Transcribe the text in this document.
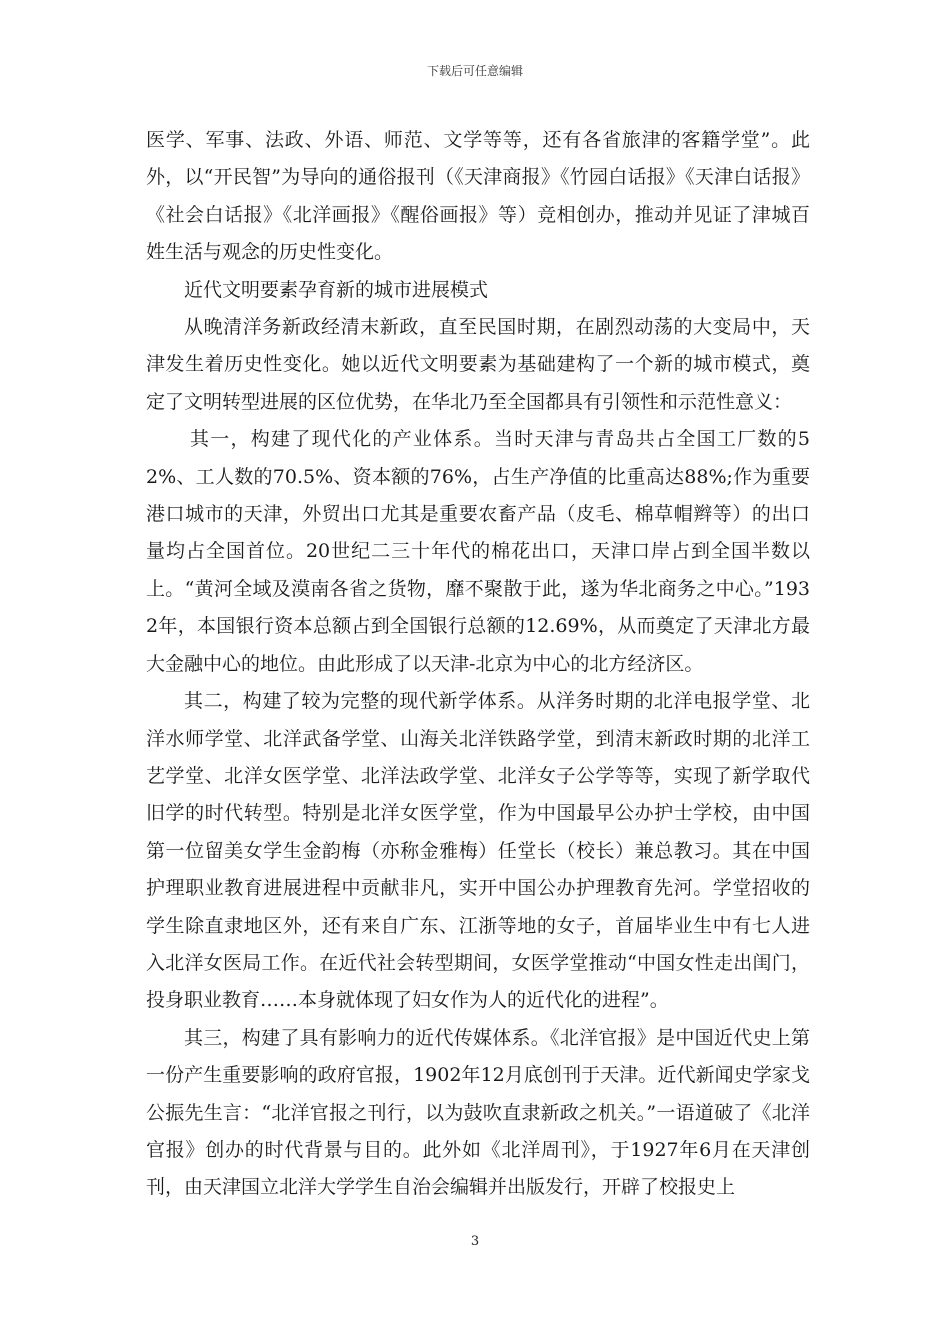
下载后可任意编辑

医学、军事、法政、外语、师范、文学等等，还有各省旅津的客籍学堂”。此外，以“开民智”为导向的通俗报刊（《天津商报》《竹园白话报》《天津白话报》《社会白话报》《北洋画报》《醒俗画报》等）竞相创办，推动并见证了津城百姓生活与观念的历史性变化。

近代文明要素孕育新的城市进展模式

从晚清洋务新政经清末新政，直至民国时期，在剧烈动荡的大变局中，天津发生着历史性变化。她以近代文明要素为基础建构了一个新的城市模式，奠定了文明转型进展的区位优势，在华北乃至全国都具有引领性和示范性意义：

其一，构建了现代化的产业体系。当时天津与青岛共占全国工厂数的52%、工人数的70.5%、资本额的76%，占生产净值的比重高达88%;作为重要港口城市的天津，外贸出口尤其是重要农畜产品（皮毛、棉草帽辫等）的出口量均占全国首位。20世纪二三十年代的棉花出口，天津口岸占到全国半数以上。“黄河全域及漠南各省之货物，靡不聚散于此，遂为华北商务之中心。”1932年，本国银行资本总额占到全国银行总额的12.69%，从而奠定了天津北方最大金融中心的地位。由此形成了以天津-北京为中心的北方经济区。

其二，构建了较为完整的现代新学体系。从洋务时期的北洋电报学堂、北洋水师学堂、北洋武备学堂、山海关北洋铁路学堂，到清末新政时期的北洋工艺学堂、北洋女医学堂、北洋法政学堂、北洋女子公学等等，实现了新学取代旧学的时代转型。特别是北洋女医学堂，作为中国最早公办护士学校，由中国第一位留美女学生金韵梅（亦称金雅梅）任堂长（校长）兼总教习。其在中国护理职业教育进展进程中贡献非凡，实开中国公办护理教育先河。学堂招收的学生除直隶地区外，还有来自广东、江浙等地的女子，首届毕业生中有七人进入北洋女医局工作。在近代社会转型期间，女医学堂推动“中国女性走出闺门，投身职业教育……本身就体现了妇女作为人的近代化的进程”。

其三，构建了具有影响力的近代传媒体系。《北洋官报》是中国近代史上第一份产生重要影响的政府官报，1902年12月底创刊于天津。近代新闻史学家戈公振先生言：“北洋官报之刊行，以为鼓吹直隶新政之机关。”一语道破了《北洋官报》创办的时代背景与目的。此外如《北洋周刊》，于1927年6月在天津创刊，由天津国立北洋大学学生自治会编辑并出版发行，开辟了校报史上

3
